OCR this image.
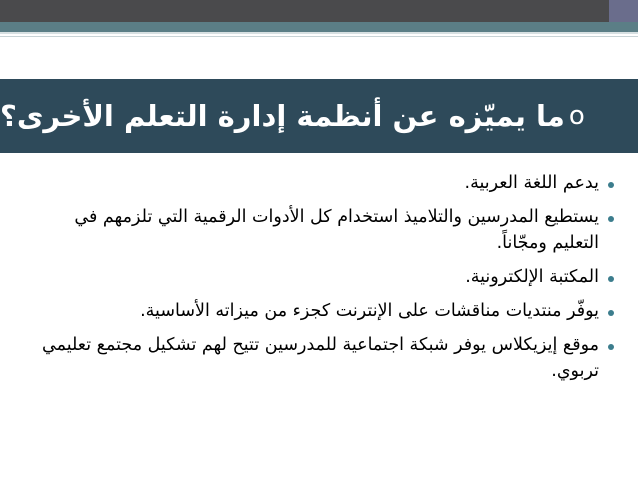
o
ما يميّزه عن أنظمة إدارة التعلم الأخرى؟
يدعم اللغة العربية.
يستطيع المدرسين والتلاميذ استخدام كل الأدوات الرقمية التي تلزمهم في التعليم ومجّاناً.
المكتبة الإلكترونية.
يوفّر منتديات مناقشات على الإنترنت كجزء من ميزاته الأساسية.
موقع إيزيكلاس يوفر شبكة اجتماعية للمدرسين تتيح لهم تشكيل مجتمع تعليمي تربوي.
